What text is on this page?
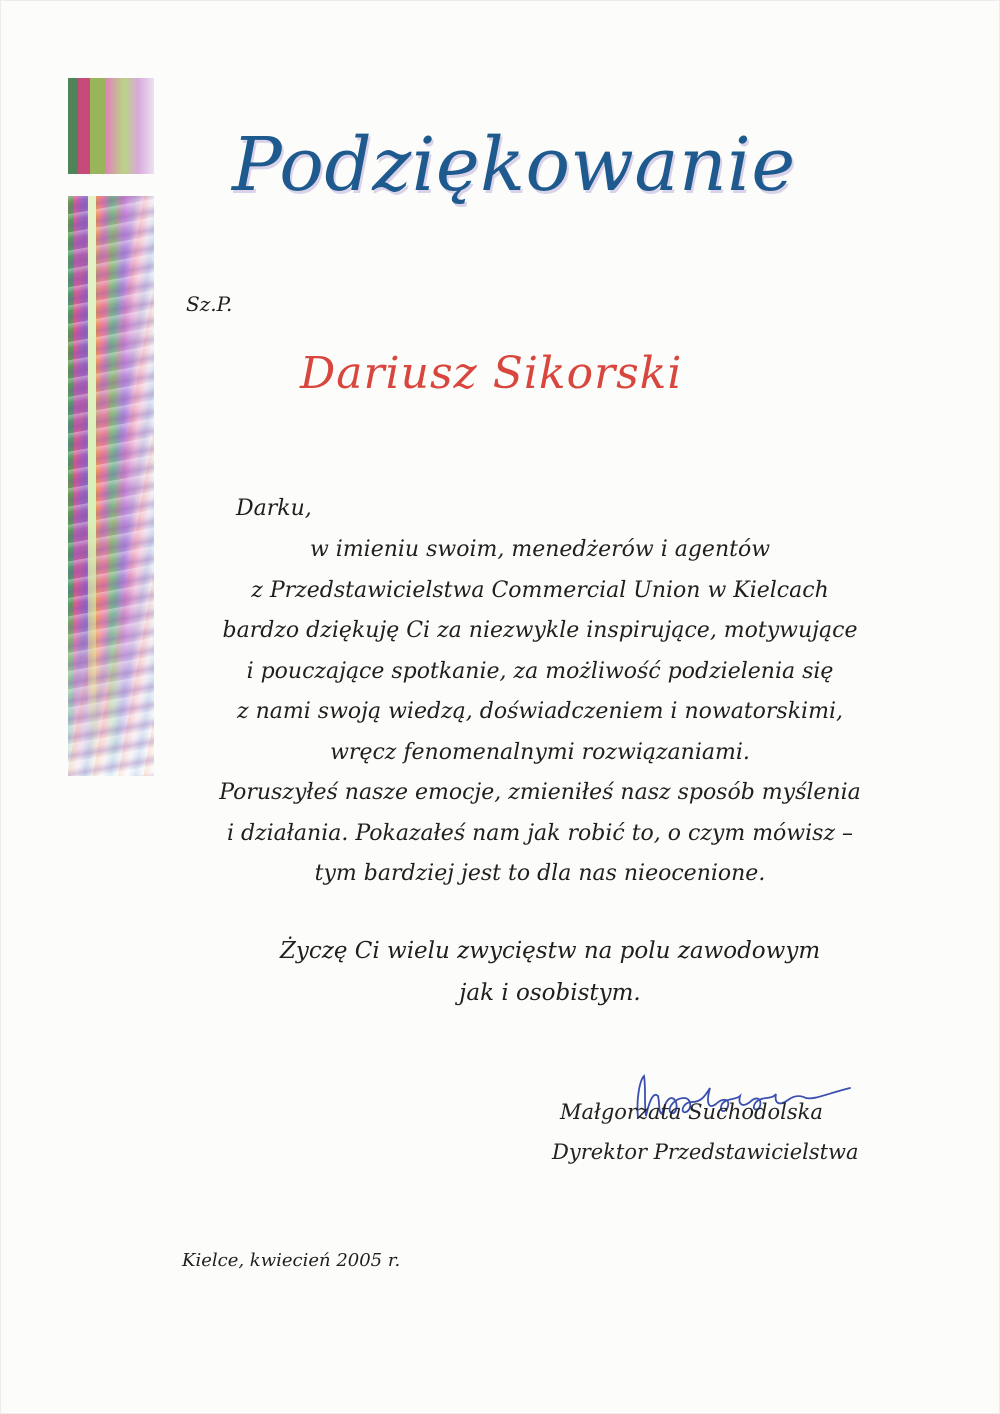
Podziękowanie
Sz.P.
Dariusz Sikorski
Darku,
w imieniu swoim, menedżerów i agentów
z Przedstawicielstwa Commercial Union w Kielcach
bardzo dziękuję Ci za niezwykle inspirujące, motywujące
i pouczające spotkanie, za możliwość podzielenia się
z nami swoją wiedzą, doświadczeniem i nowatorskimi,
wręcz fenomenalnymi rozwiązaniami.
Poruszyłeś nasze emocje, zmieniłeś nasz sposób myślenia
i działania. Pokazałeś nam jak robić to, o czym mówisz –
tym bardziej jest to dla nas nieocenione.
Życzę Ci wielu zwycięstw na polu zawodowym
jak i osobistym.
Małgorzata Suchodolska
Dyrektor Przedstawicielstwa
Kielce, kwiecień 2005 r.
